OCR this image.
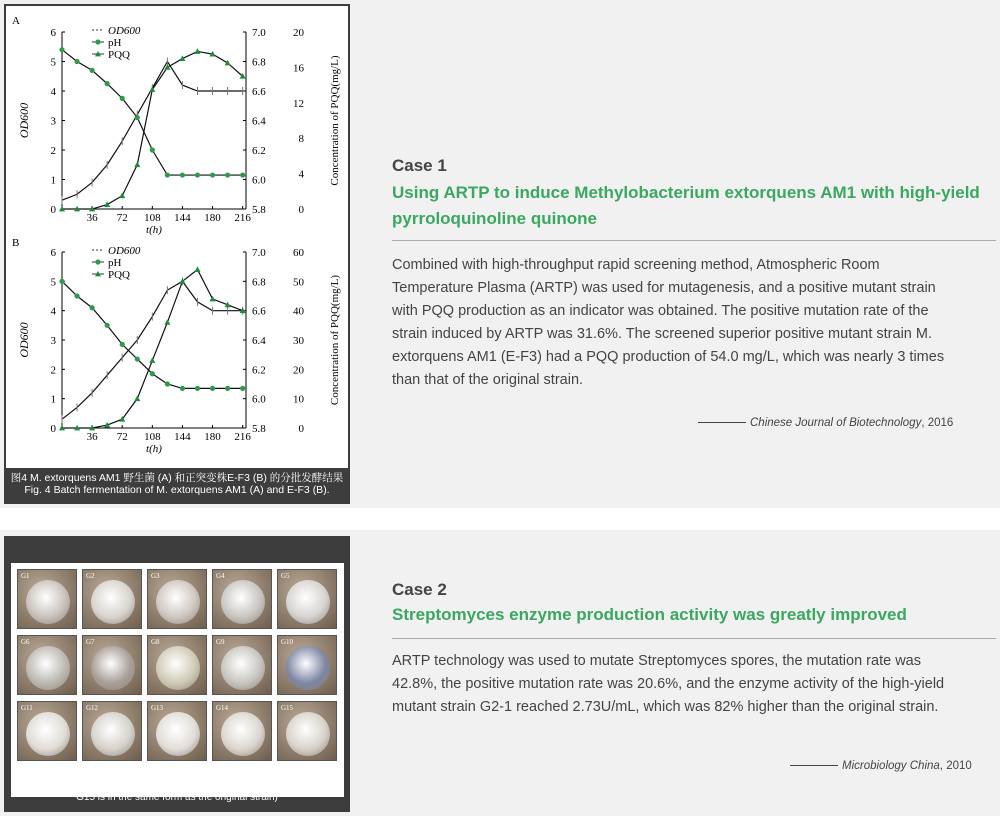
A
0
1
2
3
4
5
6
5.8
6.0
6.2
6.4
6.6
6.8
7.0
0
4
8
12
16
20
36 72 108 144 180 216
t(h)
OD600	Concentration of PQQ(mg/L)
OD600
pH
PQQ
B
0
1
2
3
4
5
6
5.8
6.0
6.2
6.4
6.6
6.8
7.0
0
10
20
30
40
50
60
36 72 108 144 180 216
t(h)
OD600	Concentration of PQQ(mg/L)
OD600
pH
PQQ
图4 M. extorquens AM1 野生菌 (A) 和正突变株E-F3 (B) 的分批发酵结果
Fig. 4 Batch fermentation of M. extorquens AM1 (A) and E-F3 (B).
Case 1
Using ARTP to induce Methylobacterium extorquens AM1 with high-yield pyrroloquinoline quinone
Combined with high-throughput rapid screening method, Atmospheric Room Temperature Plasma (ARTP) was used for mutagenesis, and a positive mutant strain with PQQ production as an indicator was obtained. The positive mutation rate of the strain induced by ARTP was 31.6%. The screened superior positive mutant strain M. extorquens AM1 (E-F3) had a PQQ production of 54.0 mg/L, which was nearly 3 times than that of the original strain.
Chinese Journal of Biotechnology, 2016
Case 2
Streptomyces enzyme production activity was greatly improved
ARTP technology was used to mutate Streptomyces spores, the mutation rate was 42.8%, the positive mutation rate was 20.6%, and the enzyme activity of the high-yield mutant strain G2-1 reached 2.73U/mL, which was 82% higher than the original strain.
Microbiology China, 2010
G1	G2	G3	G4	G5
G6	G7	G8	G9	G10
G11	G12	G13	G14	G15
Typical colony characteristics after ARTP mutagenesis (g1-g14 is typical colony representatives with different morphology from the original strain; G15 is in the same form as the original strain)
